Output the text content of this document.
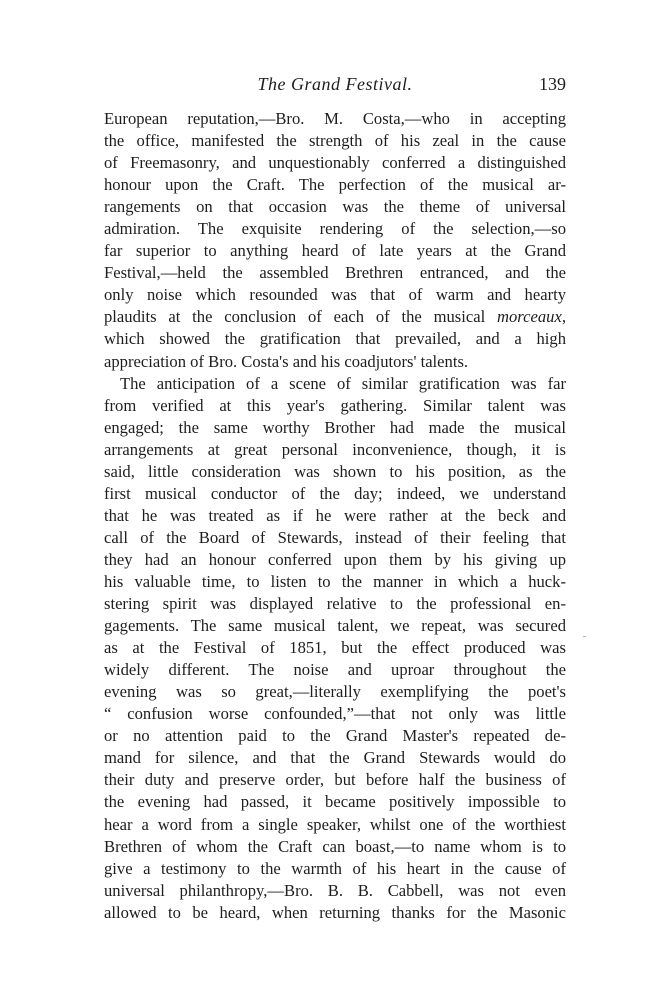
The Grand Festival.	139
European reputation,—Bro. M. Costa,—who in accepting
the office, manifested the strength of his zeal in the cause
of Freemasonry, and unquestionably conferred a distinguished
honour upon the Craft. The perfection of the musical ar-
rangements on that occasion was the theme of universal
admiration. The exquisite rendering of the selection,—so
far superior to anything heard of late years at the Grand
Festival,—held the assembled Brethren entranced, and the
only noise which resounded was that of warm and hearty
plaudits at the conclusion of each of the musical morceaux,
which showed the gratification that prevailed, and a high
appreciation of Bro. Costa's and his coadjutors' talents.
The anticipation of a scene of similar gratification was far
from verified at this year's gathering. Similar talent was
engaged; the same worthy Brother had made the musical
arrangements at great personal inconvenience, though, it is
said, little consideration was shown to his position, as the
first musical conductor of the day; indeed, we understand
that he was treated as if he were rather at the beck and
call of the Board of Stewards, instead of their feeling that
they had an honour conferred upon them by his giving up
his valuable time, to listen to the manner in which a huck-
stering spirit was displayed relative to the professional en-
gagements. The same musical talent, we repeat, was secured
as at the Festival of 1851, but the effect produced was
widely different. The noise and uproar throughout the
evening was so great,—literally exemplifying the poet's
“ confusion worse confounded,”—that not only was little
or no attention paid to the Grand Master's repeated de-
mand for silence, and that the Grand Stewards would do
their duty and preserve order, but before half the business of
the evening had passed, it became positively impossible to
hear a word from a single speaker, whilst one of the worthiest
Brethren of whom the Craft can boast,—to name whom is to
give a testimony to the warmth of his heart in the cause of
universal philanthropy,—Bro. B. B. Cabbell, was not even
allowed to be heard, when returning thanks for the Masonic
